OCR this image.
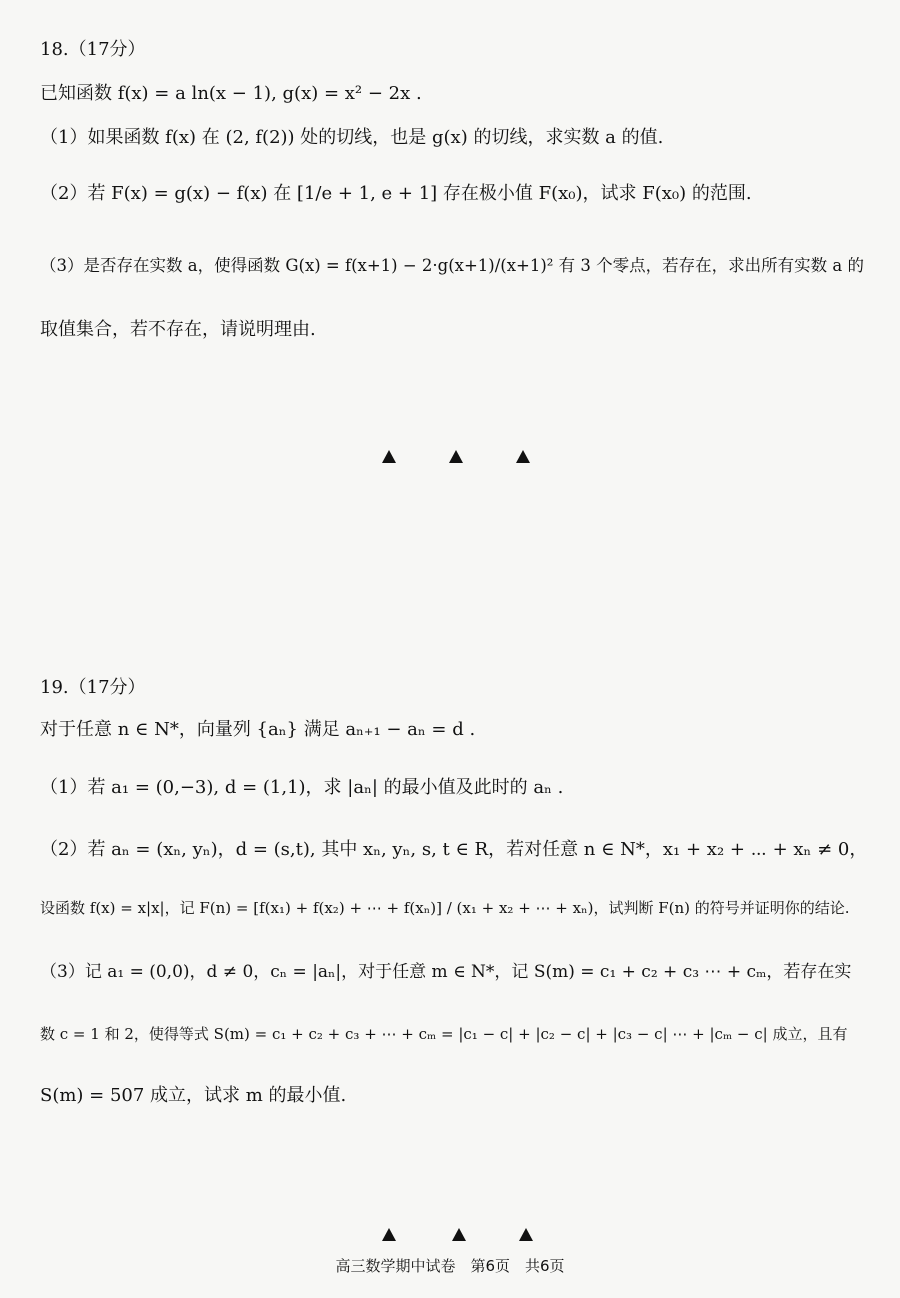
18.（17分）
已知函数 f(x) = a ln(x − 1), g(x) = x² − 2x .
（1）如果函数 f(x) 在 (2, f(2)) 处的切线，也是 g(x) 的切线，求实数 a 的值.
（2）若 F(x) = g(x) − f(x) 在 [1/e + 1, e + 1] 存在极小值 F(x₀)，试求 F(x₀) 的范围.
（3）是否存在实数 a，使得函数 G(x) = f(x+1) − 2·g(x+1)/(x+1)² 有 3 个零点，若存在，求出所有实数 a 的
取值集合，若不存在，请说明理由.
19.（17分）
对于任意 n ∈ N*，向量列 {aₙ} 满足 aₙ₊₁ − aₙ = d .
（1）若 a₁ = (0,−3), d = (1,1)，求 |aₙ| 的最小值及此时的 aₙ .
（2）若 aₙ = (xₙ, yₙ)，d = (s,t), 其中 xₙ, yₙ, s, t ∈ R，若对任意 n ∈ N*，x₁ + x₂ + ⋯ + xₙ ≠ 0，
设函数 f(x) = x|x|，记 F(n) = [f(x₁) + f(x₂) + ⋯ + f(xₙ)] / (x₁ + x₂ + ⋯ + xₙ)，试判断 F(n) 的符号并证明你的结论.
（3）记 a₁ = (0,0)，d ≠ 0，cₙ = |aₙ|，对于任意 m ∈ N*，记 S(m) = c₁ + c₂ + c₃ ⋯ + cₘ，若存在实
数 c = 1 和 2，使得等式 S(m) = c₁ + c₂ + c₃ + ⋯ + cₘ = |c₁ − c| + |c₂ − c| + |c₃ − c| ⋯ + |cₘ − c| 成立，且有
S(m) = 507 成立，试求 m 的最小值.
高三数学期中试卷　第6页　共6页
